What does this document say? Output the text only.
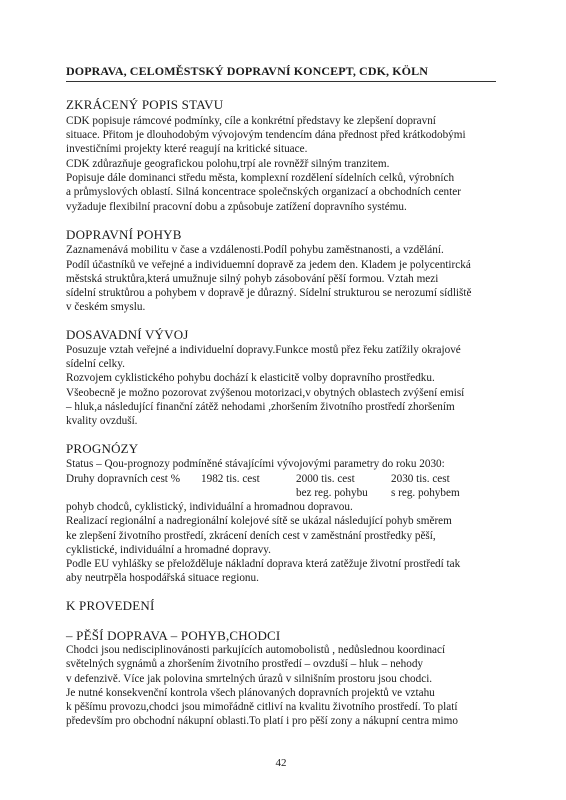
DOPRAVA, CELOMĚSTSKÝ DOPRAVNÍ KONCEPT, CDK, KÖLN
ZKRÁCENÝ POPIS STAVU
CDK popisuje rámcové podmínky, cíle a konkrétní představy ke zlepšení dopravní
situace. Přitom je dlouhodobým vývojovým tendencím dána přednost před krátkodobými
investičními projekty které reagují na kritické situace.
CDK zdůrazňuje geografickou polohu,trpí ale rovněžř silným tranzitem.
Popisuje dále dominanci středu města, komplexní rozdělení sídelních celků, výrobních
a průmyslových oblastí. Silná koncentrace společnských organizací a obchodních center
vyžaduje flexibilní pracovní dobu a způsobuje zatížení dopravního systému.
DOPRAVNÍ POHYB
Zaznamenává mobilitu v čase a vzdálenosti.Podíl pohybu zaměstnanosti, a vzdělání.
Podíl účastníků ve veřejné a individuemní dopravě za jedem den. Kladem je polycentircká
městská struktůra,která umužnuje silný pohyb zásobování pěší formou. Vztah mezi
sídelní struktůrou a pohybem v dopravě je důrazný. Sídelní strukturou se nerozumí sídliště
v českém smyslu.
DOSAVADNÍ VÝVOJ
Posuzuje vztah veřejné a individuelní dopravy.Funkce mostů přez řeku zatížily okrajové
sídelní celky.
Rozvojem cyklistického pohybu dochází k elasticitě volby dopravního prostředku.
Všeobecně je možno pozorovat zvýšenou motorizaci,v obytných oblastech zvýšení emisí
– hluk,a následující finanční zátěž nehodami ,zhoršením životního prostředí zhoršením
kvality ovzduší.
PROGNÓZY
Status – Qou-prognozy podmíněné stávajícími vývojovými parametry do roku 2030:
Druhy dopravních cest % 1982 tis. cest	2000 tis. cest	2030 tis. cest
bez reg. pohybu s reg. pohybem
pohyb chodců, cyklistický, individuální a hromadnou dopravou.
Realizací regionální a nadregionální kolejové sítě se ukázal následující pohyb směrem
ke zlepšení životního prostředí, zkrácení deních cest v zaměstnání prostředky pěší,
cyklistické, individuální a hromadné dopravy.
Podle EU vyhlášky se přeložděluje nákladní doprava která zatěžuje životní prostředí tak
aby neutrpěla hospodářská situace regionu.
K PROVEDENÍ
– PĚŠÍ DOPRAVA – POHYB,CHODCI
Chodci jsou nedisciplinovánosti parkujících automobolistů , nedůslednou koordinací
světelných sygnámů a zhoršením životního prostředí – ovzduší – hluk – nehody
v defenzivě. Více jak polovina smrtelných úrazů v silnišním prostoru jsou chodci.
Je nutné konsekvenční kontrola všech plánovaných dopravních projektů ve vztahu
k pěšímu provozu,chodci jsou mimořádně citliví na kvalitu životního prostředí. To platí
především pro obchodní nákupní oblasti.To platí i pro pěší zony a nákupní centra mimo
42
